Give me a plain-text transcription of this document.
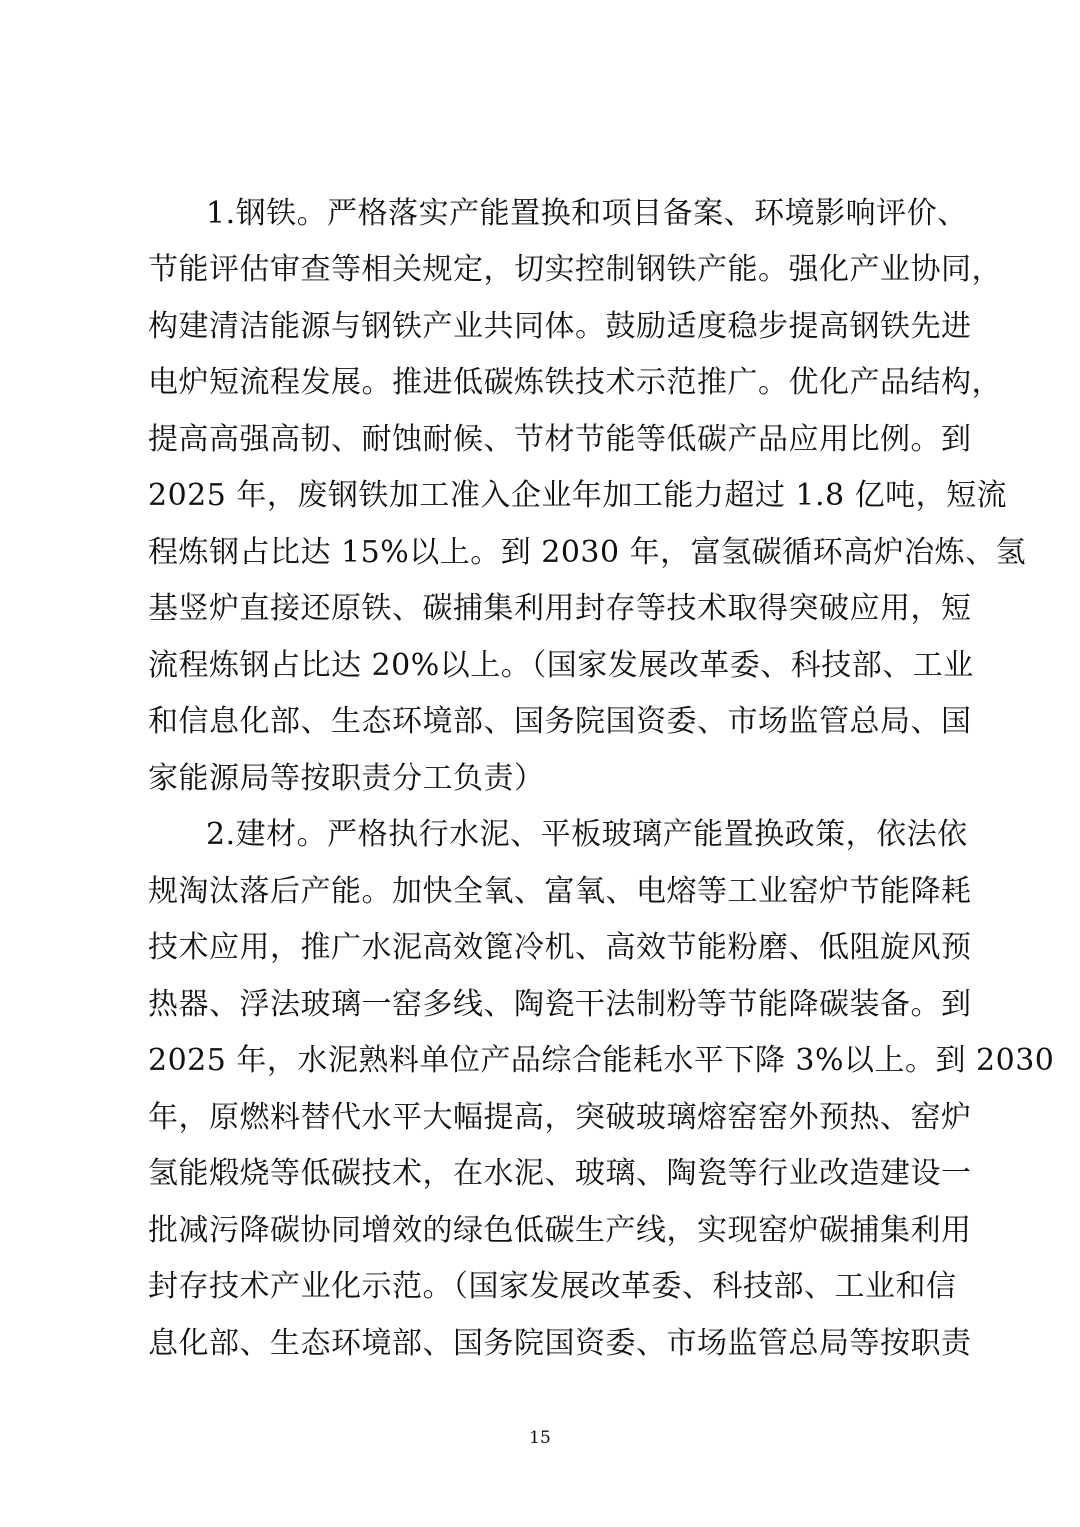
1.钢铁。严格落实产能置换和项目备案、环境影响评价、
节能评估审查等相关规定，切实控制钢铁产能。强化产业协同，
构建清洁能源与钢铁产业共同体。鼓励适度稳步提高钢铁先进
电炉短流程发展。推进低碳炼铁技术示范推广。优化产品结构，
提高高强高韧、耐蚀耐候、节材节能等低碳产品应用比例。到
2025 年，废钢铁加工准入企业年加工能力超过 1.8 亿吨，短流
程炼钢占比达 15%以上。到 2030 年，富氢碳循环高炉冶炼、氢
基竖炉直接还原铁、碳捕集利用封存等技术取得突破应用，短
流程炼钢占比达 20%以上。（国家发展改革委、科技部、工业
和信息化部、生态环境部、国务院国资委、市场监管总局、国
家能源局等按职责分工负责）
2.建材。严格执行水泥、平板玻璃产能置换政策，依法依
规淘汰落后产能。加快全氧、富氧、电熔等工业窑炉节能降耗
技术应用，推广水泥高效篦冷机、高效节能粉磨、低阻旋风预
热器、浮法玻璃一窑多线、陶瓷干法制粉等节能降碳装备。到
2025 年，水泥熟料单位产品综合能耗水平下降 3%以上。到 2030
年，原燃料替代水平大幅提高，突破玻璃熔窑窑外预热、窑炉
氢能煅烧等低碳技术，在水泥、玻璃、陶瓷等行业改造建设一
批减污降碳协同增效的绿色低碳生产线，实现窑炉碳捕集利用
封存技术产业化示范。（国家发展改革委、科技部、工业和信
息化部、生态环境部、国务院国资委、市场监管总局等按职责
15
